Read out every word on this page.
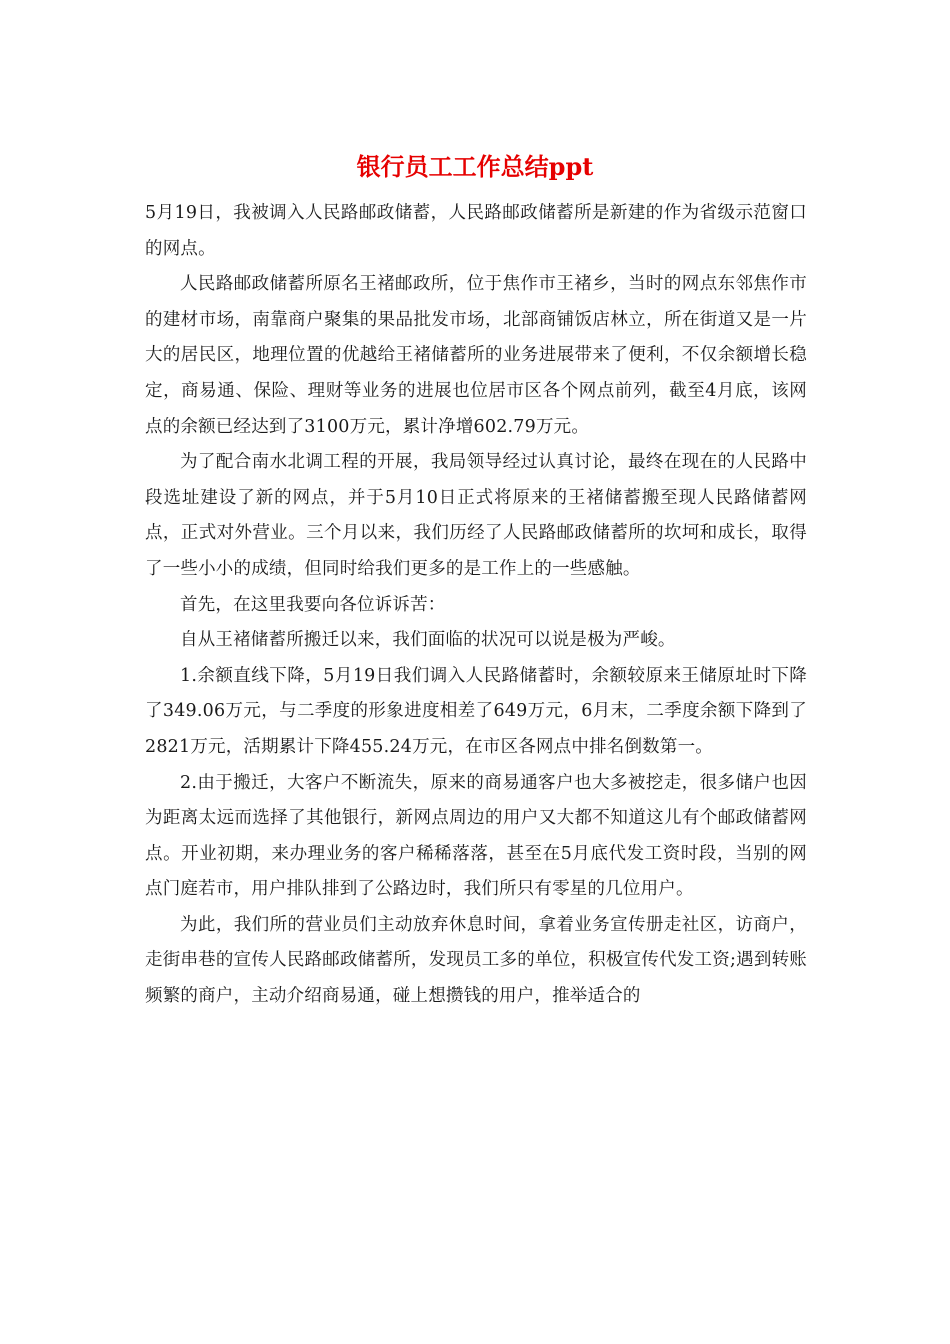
银行员工工作总结ppt

5月19日，我被调入人民路邮政储蓄，人民路邮政储蓄所是新建的作为省级示范窗口的网点。

人民路邮政储蓄所原名王褚邮政所，位于焦作市王褚乡，当时的网点东邻焦作市的建材市场，南靠商户聚集的果品批发市场，北部商铺饭店林立，所在街道又是一片大的居民区，地理位置的优越给王褚储蓄所的业务进展带来了便利，不仅余额增长稳定，商易通、保险、理财等业务的进展也位居市区各个网点前列，截至4月底，该网点的余额已经达到了3100万元，累计净增602.79万元。

为了配合南水北调工程的开展，我局领导经过认真讨论，最终在现在的人民路中段选址建设了新的网点，并于5月10日正式将原来的王褚储蓄搬至现人民路储蓄网点，正式对外营业。三个月以来，我们历经了人民路邮政储蓄所的坎坷和成长，取得了一些小小的成绩，但同时给我们更多的是工作上的一些感触。

首先，在这里我要向各位诉诉苦：

自从王褚储蓄所搬迁以来，我们面临的状况可以说是极为严峻。

1.余额直线下降，5月19日我们调入人民路储蓄时，余额较原来王储原址时下降了349.06万元，与二季度的形象进度相差了649万元，6月末，二季度余额下降到了2821万元，活期累计下降455.24万元，在市区各网点中排名倒数第一。

2.由于搬迁，大客户不断流失，原来的商易通客户也大多被挖走，很多储户也因为距离太远而选择了其他银行，新网点周边的用户又大都不知道这儿有个邮政储蓄网点。开业初期，来办理业务的客户稀稀落落，甚至在5月底代发工资时段，当别的网点门庭若市，用户排队排到了公路边时，我们所只有零星的几位用户。

为此，我们所的营业员们主动放弃休息时间，拿着业务宣传册走社区，访商户，走街串巷的宣传人民路邮政储蓄所，发现员工多的单位，积极宣传代发工资;遇到转账频繁的商户，主动介绍商易通，碰上想攒钱的用户，推举适合的
